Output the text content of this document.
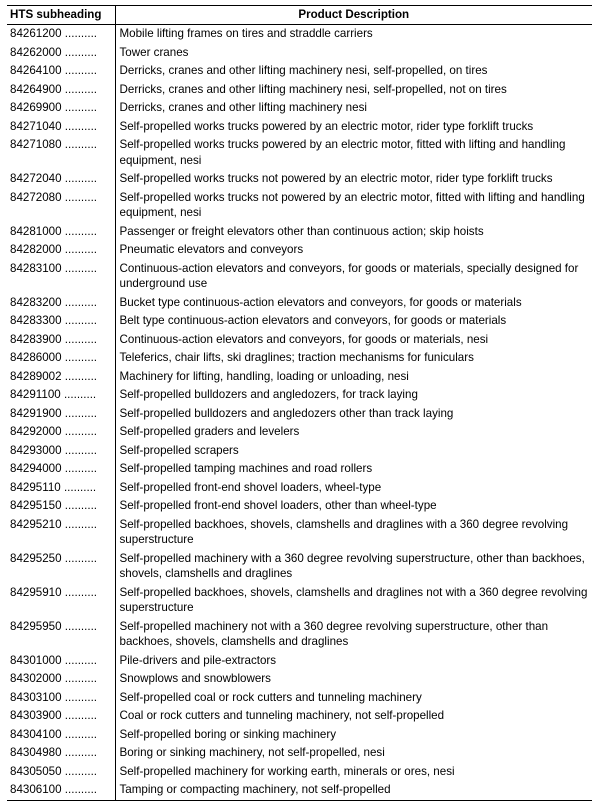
HTS subheading	Product Description
84261200 ..........	Mobile lifting frames on tires and straddle carriers
84262000 ..........	Tower cranes
84264100 ..........	Derricks, cranes and other lifting machinery nesi, self-propelled, on tires
84264900 ..........	Derricks, cranes and other lifting machinery nesi, self-propelled, not on tires
84269900 ..........	Derricks, cranes and other lifting machinery nesi
84271040 ..........	Self-propelled works trucks powered by an electric motor, rider type forklift trucks
84271080 ..........	Self-propelled works trucks powered by an electric motor, fitted with lifting and handling equipment, nesi
84272040 ..........	Self-propelled works trucks not powered by an electric motor, rider type forklift trucks
84272080 ..........	Self-propelled works trucks not powered by an electric motor, fitted with lifting and handling equipment, nesi
84281000 ..........	Passenger or freight elevators other than continuous action; skip hoists
84282000 ..........	Pneumatic elevators and conveyors
84283100 ..........	Continuous-action elevators and conveyors, for goods or materials, specially designed for underground use
84283200 ..........	Bucket type continuous-action elevators and conveyors, for goods or materials
84283300 ..........	Belt type continuous-action elevators and conveyors, for goods or materials
84283900 ..........	Continuous-action elevators and conveyors, for goods or materials, nesi
84286000 ..........	Teleferics, chair lifts, ski draglines; traction mechanisms for funiculars
84289002 ..........	Machinery for lifting, handling, loading or unloading, nesi
84291100 ..........	Self-propelled bulldozers and angledozers, for track laying
84291900 ..........	Self-propelled bulldozers and angledozers other than track laying
84292000 ..........	Self-propelled graders and levelers
84293000 ..........	Self-propelled scrapers
84294000 ..........	Self-propelled tamping machines and road rollers
84295110 ..........	Self-propelled front-end shovel loaders, wheel-type
84295150 ..........	Self-propelled front-end shovel loaders, other than wheel-type
84295210 ..........	Self-propelled backhoes, shovels, clamshells and draglines with a 360 degree revolving superstructure
84295250 ..........	Self-propelled machinery with a 360 degree revolving superstructure, other than backhoes, shovels, clamshells and draglines
84295910 ..........	Self-propelled backhoes, shovels, clamshells and draglines not with a 360 degree revolving superstructure
84295950 ..........	Self-propelled machinery not with a 360 degree revolving superstructure, other than backhoes, shovels, clamshells and draglines
84301000 ..........	Pile-drivers and pile-extractors
84302000 ..........	Snowplows and snowblowers
84303100 ..........	Self-propelled coal or rock cutters and tunneling machinery
84303900 ..........	Coal or rock cutters and tunneling machinery, not self-propelled
84304100 ..........	Self-propelled boring or sinking machinery
84304980 ..........	Boring or sinking machinery, not self-propelled, nesi
84305050 ..........	Self-propelled machinery for working earth, minerals or ores, nesi
84306100 ..........	Tamping or compacting machinery, not self-propelled
